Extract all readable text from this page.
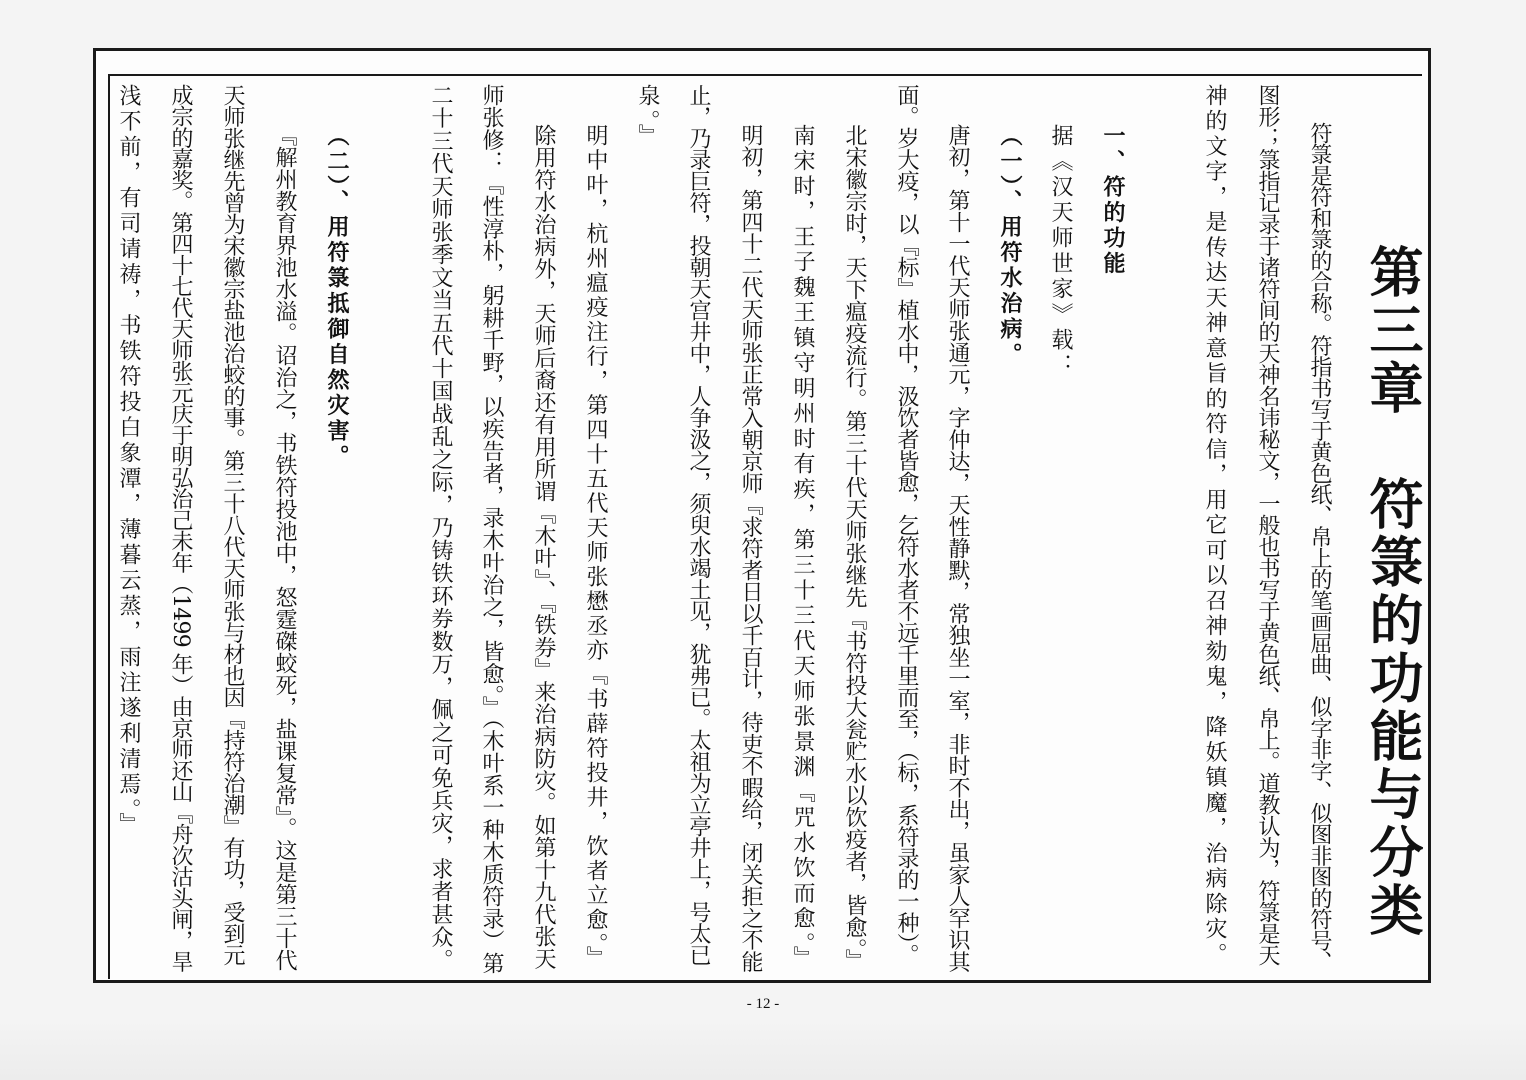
第三章　符箓的功能与分类
符箓是符和箓的合称。符指书写于黄色纸、帛上的笔画屈曲、似字非字、似图非图的符号、
图形；箓指记录于诸符间的天神名讳秘文，一般也书写于黄色纸、帛上。道教认为，符箓是天
神的文字，是传达天神意旨的符信，用它可以召神劾鬼，降妖镇魔，治病除灾。
一、符的功能
据《汉天师世家》载：
（一）、用符水治病。
唐初，第十一代天师张通元，字仲达，天性静默，常独坐一室，非时不出，虽家人罕识其
面。岁大疫，以『标』植水中，汲饮者皆愈，乞符水者不远千里而至，（标，系符录的一种）。
北宋徽宗时，天下瘟疫流行。第三十代天师张继先『书符投大瓮贮水以饮疫者，皆愈。』
南宋时，王子魏王镇守明州时有疾，第三十三代天师张景渊『咒水饮而愈。』
明初，第四十二代天师张正常入朝京师『求符者日以千百计，待吏不暇给，闭关拒之不能
止，乃录巨符，投朝天宫井中，人争汲之，须臾水竭土见，犹弗已。太祖为立亭井上，号太已
泉。』
明中叶，杭州瘟疫注行，第四十五代天师张懋丞亦『书薜符投井，饮者立愈。』
除用符水治病外，天师后裔还有用所谓『木叶』、『铁券』来治病防灾。如第十九代张天
师张修：『性淳朴，躬耕千野，以疾告者，录木叶治之，皆愈。』（木叶系一种木质符录）第
二十三代天师张季文当五代十国战乱之际，乃铸铁环券数万，佩之可免兵灾，求者甚众。
（二）、用符箓抵御自然灾害。
『解州教育界池水溢。诏治之，书铁符投池中，怒霆磔蛟死，盐课复常』。这是第三十代
天师张继先曾为宋徽宗盐池治蛟的事。第三十八代天师张与材也因『持符治潮』有功，受到元
成宗的嘉奖。第四十七代天师张元庆于明弘治己未年（1499 年）由京师还山『舟次沽头闸，旱
浅不前，有司请祷，书铁符投白象潭，薄暮云蒸，雨注遂利清焉。』
- 12 -
